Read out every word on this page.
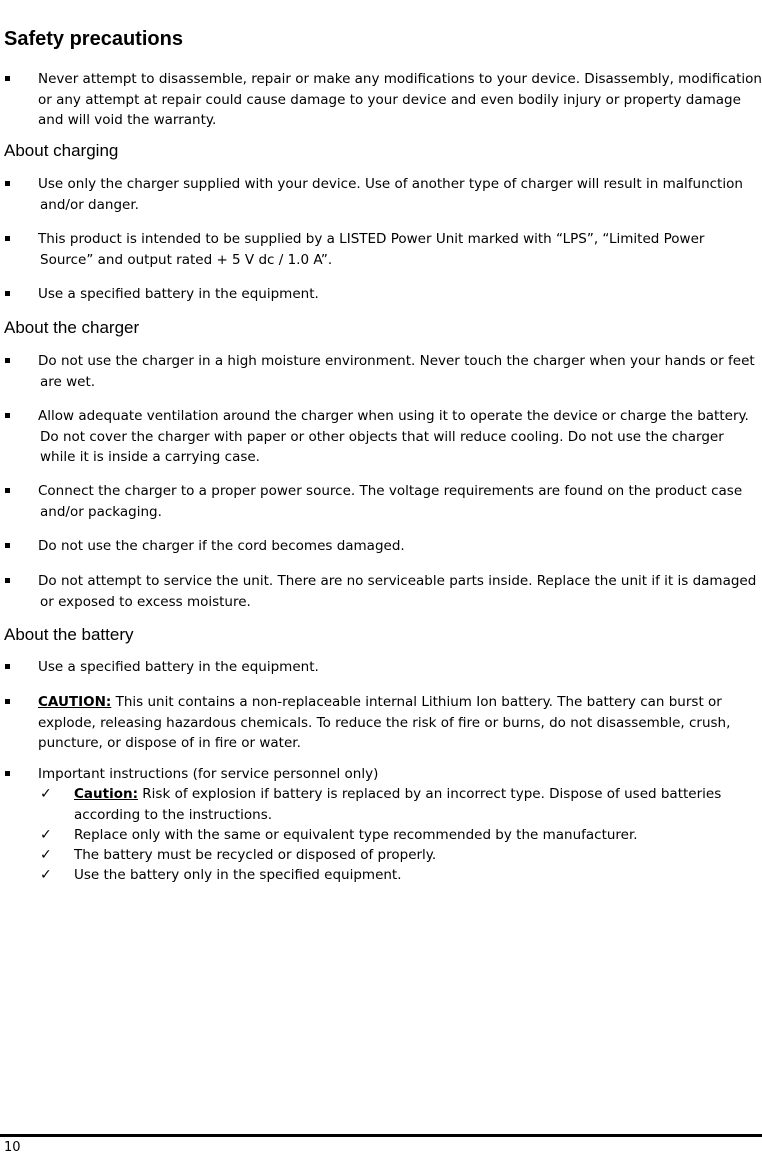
Safety precautions
Never attempt to disassemble, repair or make any modifications to your device. Disassembly, modification
or any attempt at repair could cause damage to your device and even bodily injury or property damage
and will void the warranty.
About charging
Use only the charger supplied with your device. Use of another type of charger will result in malfunction
and/or danger.
This product is intended to be supplied by a LISTED Power Unit marked with “LPS”, “Limited Power
Source” and output rated + 5 V dc / 1.0 A”.
Use a specified battery in the equipment.
About the charger
Do not use the charger in a high moisture environment. Never touch the charger when your hands or feet
are wet.
Allow adequate ventilation around the charger when using it to operate the device or charge the battery.
Do not cover the charger with paper or other objects that will reduce cooling. Do not use the charger
while it is inside a carrying case.
Connect the charger to a proper power source. The voltage requirements are found on the product case
and/or packaging.
Do not use the charger if the cord becomes damaged.
Do not attempt to service the unit. There are no serviceable parts inside. Replace the unit if it is damaged
or exposed to excess moisture.
About the battery
Use a specified battery in the equipment.
CAUTION: This unit contains a non-replaceable internal Lithium Ion battery. The battery can burst or
explode, releasing hazardous chemicals. To reduce the risk of fire or burns, do not disassemble, crush,
puncture, or dispose of in fire or water.
Important instructions (for service personnel only)
✓ Caution: Risk of explosion if battery is replaced by an incorrect type. Dispose of used batteries
according to the instructions.
✓ Replace only with the same or equivalent type recommended by the manufacturer.
✓ The battery must be recycled or disposed of properly.
✓ Use the battery only in the specified equipment.
10
